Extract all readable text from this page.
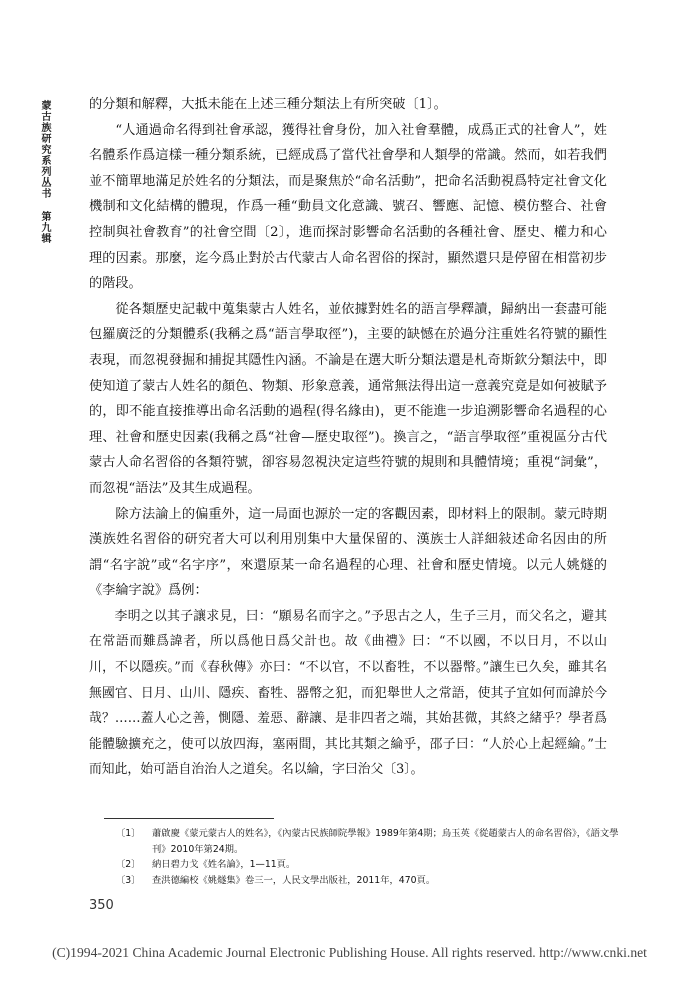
蒙古族研究系列丛书 第九辑	的分類和解釋，大抵未能在上述三種分類法上有所突破〔1〕。

“人通過命名得到社會承認，獲得社會身份，加入社會羣體，成爲正式的社會人”，姓名體系作爲這樣一種分類系統，已經成爲了當代社會學和人類學的常識。然而，如若我們並不簡單地滿足於姓名的分類法，而是聚焦於“命名活動”，把命名活動視爲特定社會文化機制和文化結構的體現，作爲一種“動員文化意識、號召、響應、記憶、模仿整合、社會控制與社會教育”的社會空間〔2〕，進而探討影響命名活動的各種社會、歷史、權力和心理的因素。那麼，迄今爲止對於古代蒙古人命名習俗的探討，顯然還只是停留在相當初步的階段。

從各類歷史記載中蒐集蒙古人姓名，並依據對姓名的語言學釋讀，歸納出一套盡可能包羅廣泛的分類體系(我稱之爲“語言學取徑”)，主要的缺憾在於過分注重姓名符號的顯性表現，而忽視發掘和捕捉其隱性內涵。不論是在選大昕分類法還是札奇斯欽分類法中，即使知道了蒙古人姓名的顏色、物類、形象意義，通常無法得出這一意義究竟是如何被賦予的，即不能直接推導出命名活動的過程(得名緣由)，更不能進一步追溯影響命名過程的心理、社會和歷史因素(我稱之爲“社會—歷史取徑”)。換言之，“語言學取徑”重視區分古代蒙古人命名習俗的各類符號，卻容易忽視決定這些符號的規則和具體情境；重視“詞彙”，而忽視“語法”及其生成過程。

除方法論上的偏重外，這一局面也源於一定的客觀因素，即材料上的限制。蒙元時期漢族姓名習俗的研究者大可以利用別集中大量保留的、漢族士人詳細敍述命名因由的所謂“名字說”或“名字序”，來還原某一命名過程的心理、社會和歷史情境。以元人姚燧的《李綸字說》爲例：

李明之以其子讓求見，曰：“願易名而字之。”予思古之人，生子三月，而父名之，避其在常語而難爲諱者，所以爲他日爲父計也。故《曲禮》曰：“不以國，不以日月，不以山川，不以隱疾。”而《春秋傳》亦曰：“不以官，不以畜牲，不以器幣。”讓生已久矣，雖其名無國官、日月、山川、隱疾、畜牲、器幣之犯，而犯舉世人之常語，使其子宜如何而諱於今哉？……蓋人心之善，惻隱、羞惡、辭讓、是非四者之端，其始甚微，其終之緒乎？學者爲能體驗擴充之，使可以放四海，塞兩間，其比其類之綸乎，邵子曰：“人於心上起經綸。”士而知此，始可語自治治人之道矣。名以綸，字曰治父〔3〕。

〔1〕	蕭啟慶《蒙元蒙古人的姓名》，《內蒙古民族師院學報》1989年第4期；烏玉英《從趙蒙古人的命名習俗》，《語文學刊》2010年第24期。
〔2〕	納日碧力戈《姓名論》，1—11頁。
〔3〕	查洪德編校《姚燧集》卷三一，人民文學出版社，2011年，470頁。
350
(C)1994-2021 China Academic Journal Electronic Publishing House. All rights reserved. http://www.cnki.net
